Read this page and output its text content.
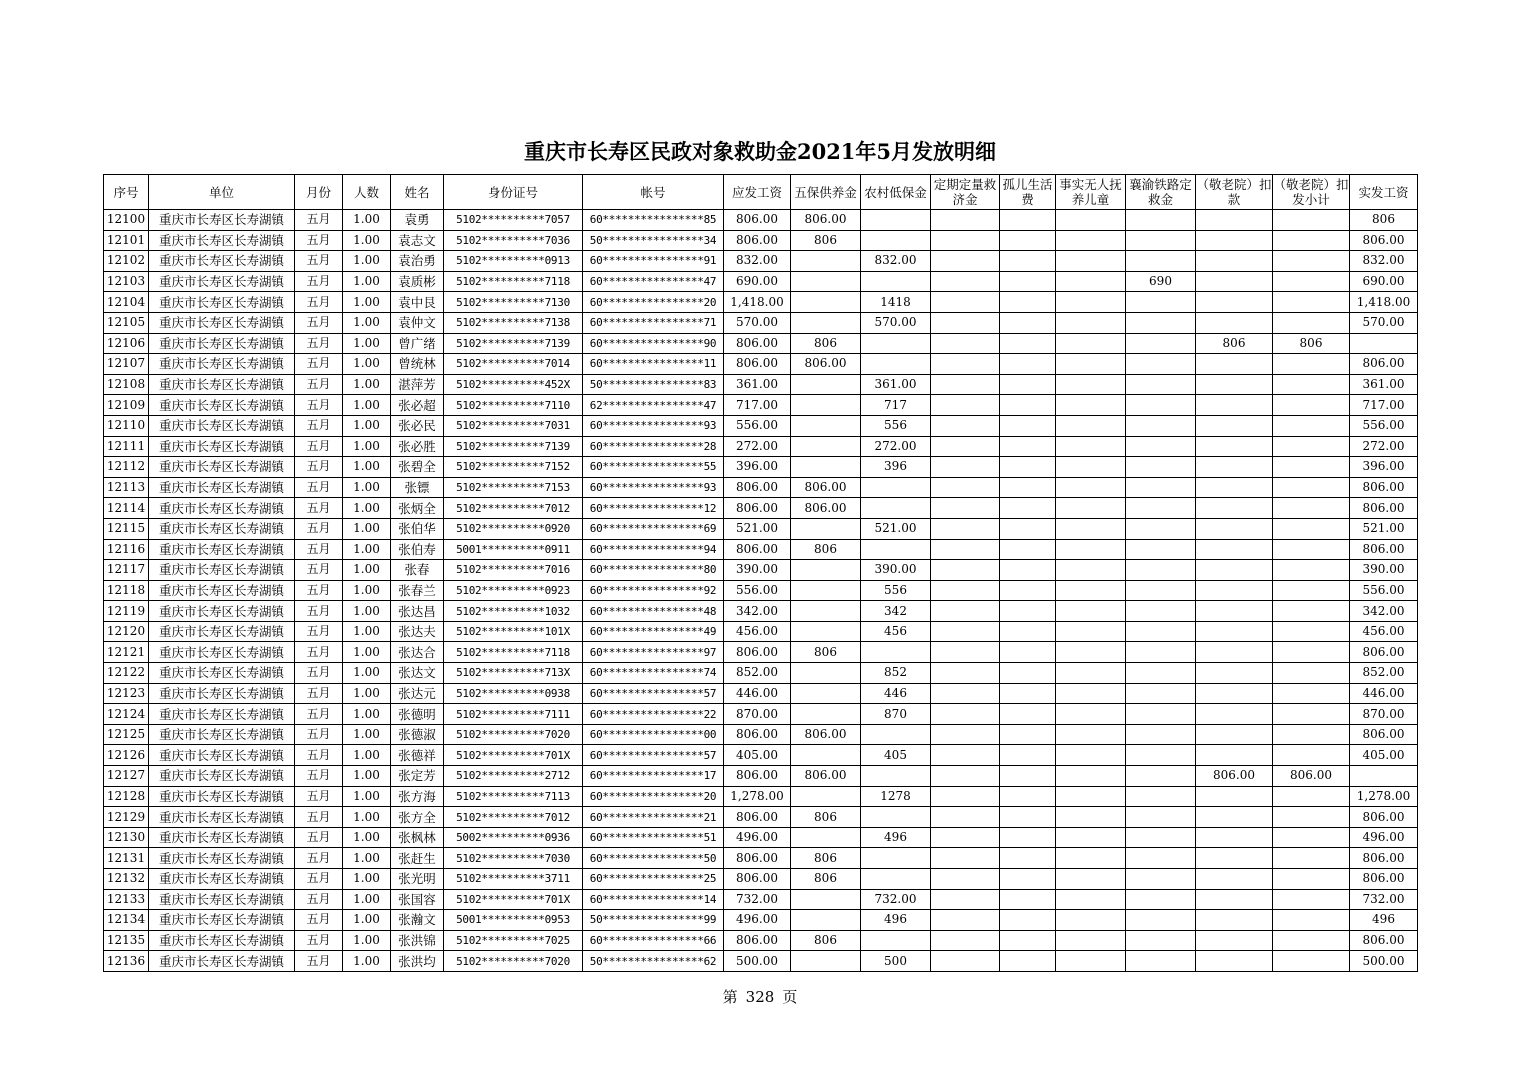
重庆市长寿区民政对象救助金2021年5月发放明细
序号	单位	月份	人数	姓名	身份证号	帐号	应发工资	五保供养金	农村低保金	定期定量救济金	孤儿生活费	事实无人抚养儿童	襄渝铁路定救金	（敬老院）扣款	（敬老院）扣发小计	实发工资
12100	重庆市长寿区长寿湖镇	五月	1.00	袁勇	5102**********7057	60****************85	806.00	806.00								806
12101	重庆市长寿区长寿湖镇	五月	1.00	袁志文	5102**********7036	50****************34	806.00	806								806.00
12102	重庆市长寿区长寿湖镇	五月	1.00	袁治勇	5102**********0913	60****************91	832.00		832.00							832.00
12103	重庆市长寿区长寿湖镇	五月	1.00	袁质彬	5102**********7118	60****************47	690.00						690			690.00
12104	重庆市长寿区长寿湖镇	五月	1.00	袁中艮	5102**********7130	60****************20	1,418.00		1418							1,418.00
12105	重庆市长寿区长寿湖镇	五月	1.00	袁仲文	5102**********7138	60****************71	570.00		570.00							570.00
12106	重庆市长寿区长寿湖镇	五月	1.00	曾广绪	5102**********7139	60****************90	806.00	806						806	806	
12107	重庆市长寿区长寿湖镇	五月	1.00	曾统林	5102**********7014	60****************11	806.00	806.00								806.00
12108	重庆市长寿区长寿湖镇	五月	1.00	湛萍芳	5102**********452X	50****************83	361.00		361.00							361.00
12109	重庆市长寿区长寿湖镇	五月	1.00	张必超	5102**********7110	62****************47	717.00		717							717.00
12110	重庆市长寿区长寿湖镇	五月	1.00	张必民	5102**********7031	60****************93	556.00		556							556.00
12111	重庆市长寿区长寿湖镇	五月	1.00	张必胜	5102**********7139	60****************28	272.00		272.00							272.00
12112	重庆市长寿区长寿湖镇	五月	1.00	张碧全	5102**********7152	60****************55	396.00		396							396.00
12113	重庆市长寿区长寿湖镇	五月	1.00	张镖	5102**********7153	60****************93	806.00	806.00								806.00
12114	重庆市长寿区长寿湖镇	五月	1.00	张炳全	5102**********7012	60****************12	806.00	806.00								806.00
12115	重庆市长寿区长寿湖镇	五月	1.00	张伯华	5102**********0920	60****************69	521.00		521.00							521.00
12116	重庆市长寿区长寿湖镇	五月	1.00	张伯寿	5001**********0911	60****************94	806.00	806								806.00
12117	重庆市长寿区长寿湖镇	五月	1.00	张春	5102**********7016	60****************80	390.00		390.00							390.00
12118	重庆市长寿区长寿湖镇	五月	1.00	张春兰	5102**********0923	60****************92	556.00		556							556.00
12119	重庆市长寿区长寿湖镇	五月	1.00	张达昌	5102**********1032	60****************48	342.00		342							342.00
12120	重庆市长寿区长寿湖镇	五月	1.00	张达夫	5102**********101X	60****************49	456.00		456							456.00
12121	重庆市长寿区长寿湖镇	五月	1.00	张达合	5102**********7118	60****************97	806.00	806								806.00
12122	重庆市长寿区长寿湖镇	五月	1.00	张达文	5102**********713X	60****************74	852.00		852							852.00
12123	重庆市长寿区长寿湖镇	五月	1.00	张达元	5102**********0938	60****************57	446.00		446							446.00
12124	重庆市长寿区长寿湖镇	五月	1.00	张德明	5102**********7111	60****************22	870.00		870							870.00
12125	重庆市长寿区长寿湖镇	五月	1.00	张德淑	5102**********7020	60****************00	806.00	806.00								806.00
12126	重庆市长寿区长寿湖镇	五月	1.00	张德祥	5102**********701X	60****************57	405.00		405							405.00
12127	重庆市长寿区长寿湖镇	五月	1.00	张定芳	5102**********2712	60****************17	806.00	806.00						806.00	806.00	
12128	重庆市长寿区长寿湖镇	五月	1.00	张方海	5102**********7113	60****************20	1,278.00		1278							1,278.00
12129	重庆市长寿区长寿湖镇	五月	1.00	张方全	5102**********7012	60****************21	806.00	806								806.00
12130	重庆市长寿区长寿湖镇	五月	1.00	张枫林	5002**********0936	60****************51	496.00		496							496.00
12131	重庆市长寿区长寿湖镇	五月	1.00	张赶生	5102**********7030	60****************50	806.00	806								806.00
12132	重庆市长寿区长寿湖镇	五月	1.00	张光明	5102**********3711	60****************25	806.00	806								806.00
12133	重庆市长寿区长寿湖镇	五月	1.00	张国容	5102**********701X	60****************14	732.00		732.00							732.00
12134	重庆市长寿区长寿湖镇	五月	1.00	张瀚文	5001**********0953	50****************99	496.00		496							496
12135	重庆市长寿区长寿湖镇	五月	1.00	张洪锦	5102**********7025	60****************66	806.00	806								806.00
12136	重庆市长寿区长寿湖镇	五月	1.00	张洪均	5102**********7020	50****************62	500.00		500							500.00
第 328 页
